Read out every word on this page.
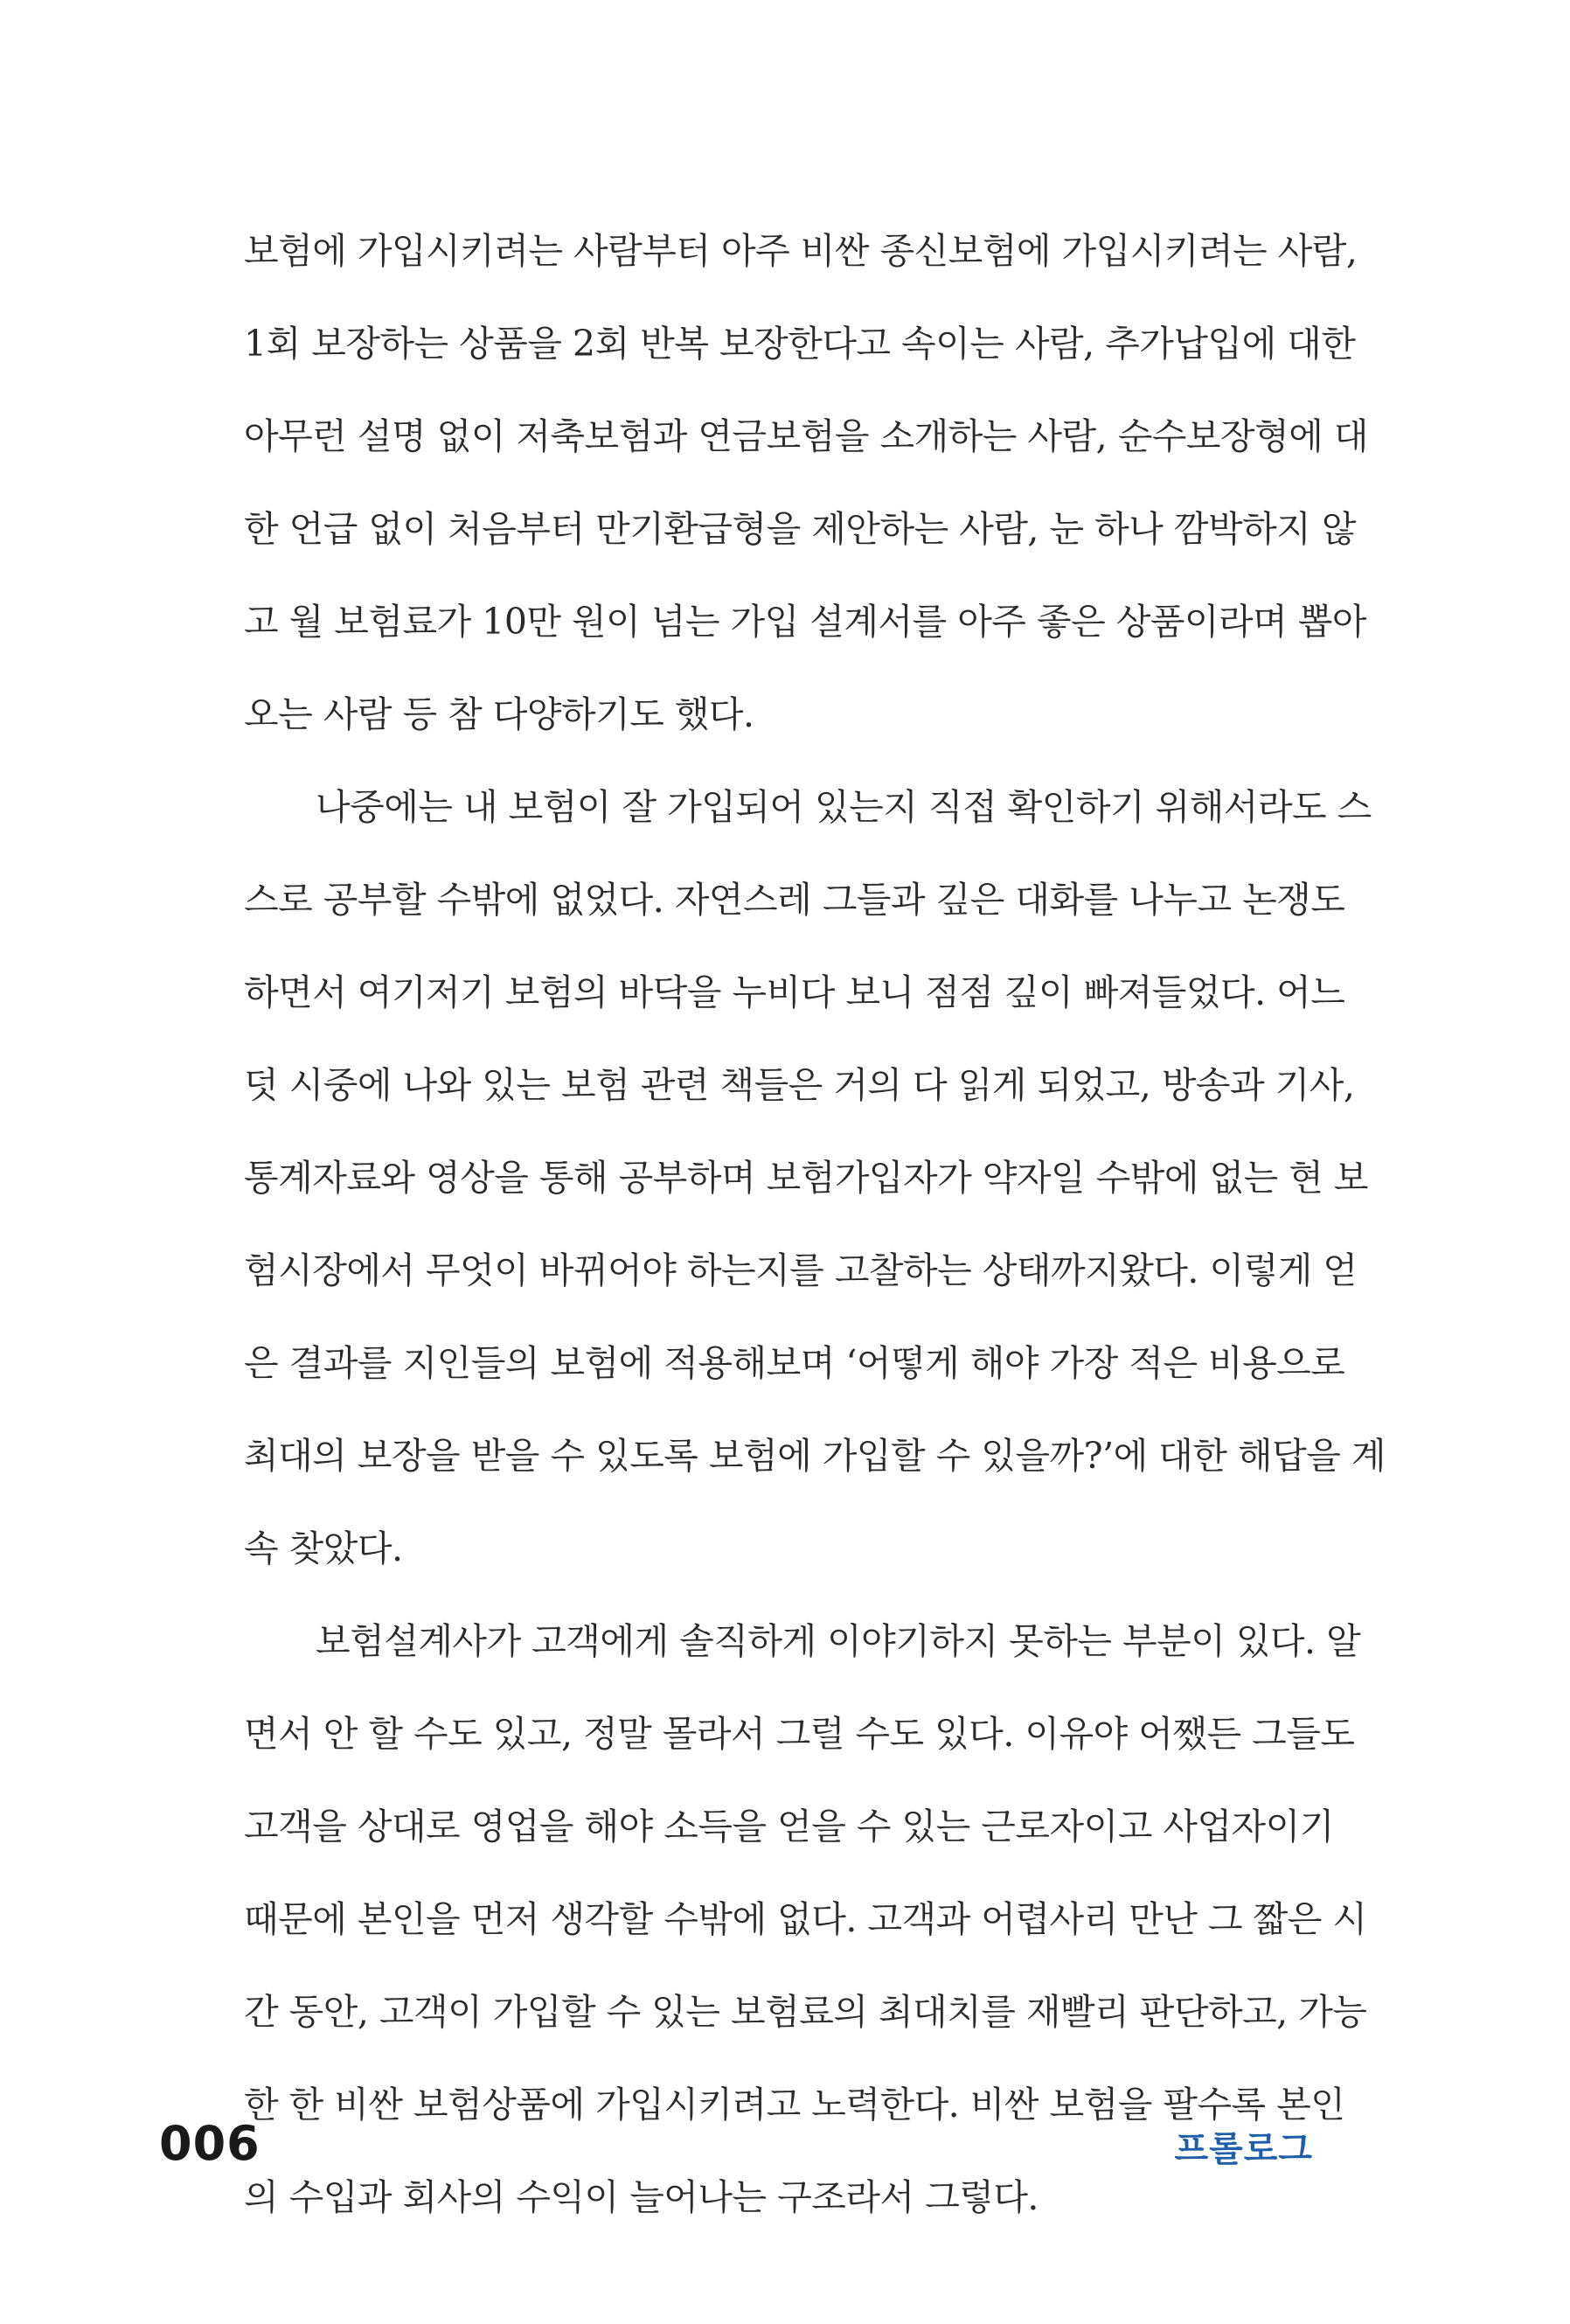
보험에 가입시키려는 사람부터 아주 비싼 종신보험에 가입시키려는 사람,
1회 보장하는 상품을 2회 반복 보장한다고 속이는 사람, 추가납입에 대한
아무런 설명 없이 저축보험과 연금보험을 소개하는 사람, 순수보장형에 대
한 언급 없이 처음부터 만기환급형을 제안하는 사람, 눈 하나 깜박하지 않
고 월 보험료가 10만 원이 넘는 가입 설계서를 아주 좋은 상품이라며 뽑아
오는 사람 등 참 다양하기도 했다.
나중에는 내 보험이 잘 가입되어 있는지 직접 확인하기 위해서라도 스
스로 공부할 수밖에 없었다. 자연스레 그들과 깊은 대화를 나누고 논쟁도
하면서 여기저기 보험의 바닥을 누비다 보니 점점 깊이 빠져들었다. 어느
덧 시중에 나와 있는 보험 관련 책들은 거의 다 읽게 되었고, 방송과 기사,
통계자료와 영상을 통해 공부하며 보험가입자가 약자일 수밖에 없는 현 보
험시장에서 무엇이 바뀌어야 하는지를 고찰하는 상태까지왔다. 이렇게 얻
은 결과를 지인들의 보험에 적용해보며 ‘어떻게 해야 가장 적은 비용으로
최대의 보장을 받을 수 있도록 보험에 가입할 수 있을까?’에 대한 해답을 계
속 찾았다.
보험설계사가 고객에게 솔직하게 이야기하지 못하는 부분이 있다. 알
면서 안 할 수도 있고, 정말 몰라서 그럴 수도 있다. 이유야 어쨌든 그들도
고객을 상대로 영업을 해야 소득을 얻을 수 있는 근로자이고 사업자이기
때문에 본인을 먼저 생각할 수밖에 없다. 고객과 어렵사리 만난 그 짧은 시
간 동안, 고객이 가입할 수 있는 보험료의 최대치를 재빨리 판단하고, 가능
한 한 비싼 보험상품에 가입시키려고 노력한다. 비싼 보험을 팔수록 본인
의 수입과 회사의 수익이 늘어나는 구조라서 그렇다.
006	프롤로그
